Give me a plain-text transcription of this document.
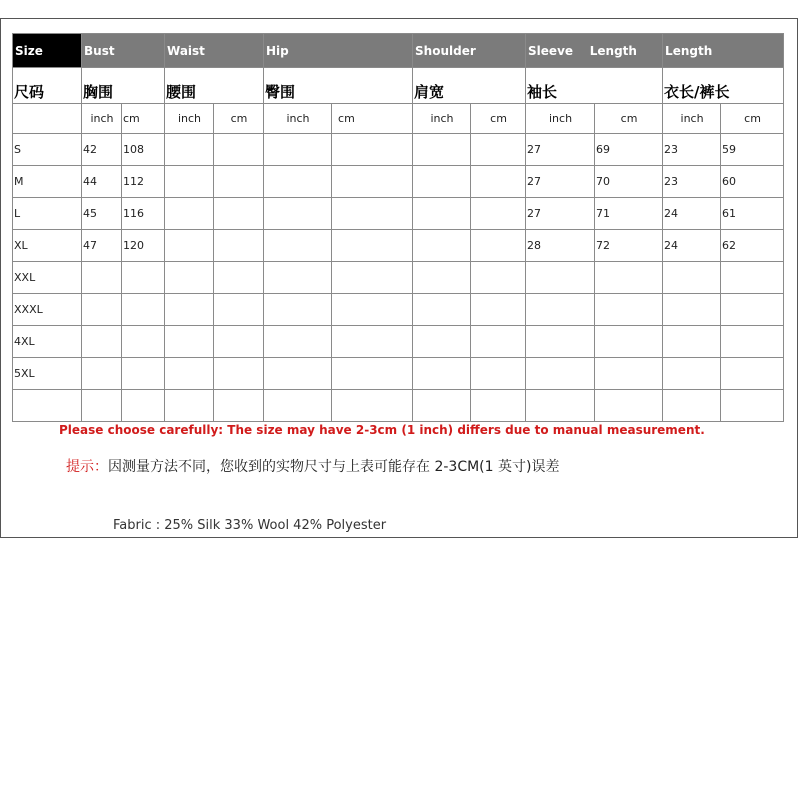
Size	Bust		Waist		Hip		Shoulder		Sleeve Length		Length	
尺码	胸围		腰围		臀围		肩宽		袖长		衣长/裤长	
	inch	cm	inch	cm	inch	cm	inch	cm	inch	cm	inch	cm
S	42	108							27	69	23	59
M	44	112							27	70	23	60
L	45	116							27	71	24	61
XL	47	120							28	72	24	62
XXL												
XXXL												
4XL												
5XL												

Please choose carefully: The size may have 2-3cm (1 inch) differs due to manual measurement.
提示：因测量方法不同，您收到的实物尺寸与上表可能存在 2-3CM(1 英寸)误差
Fabric : 25% Silk 33% Wool 42% Polyester
